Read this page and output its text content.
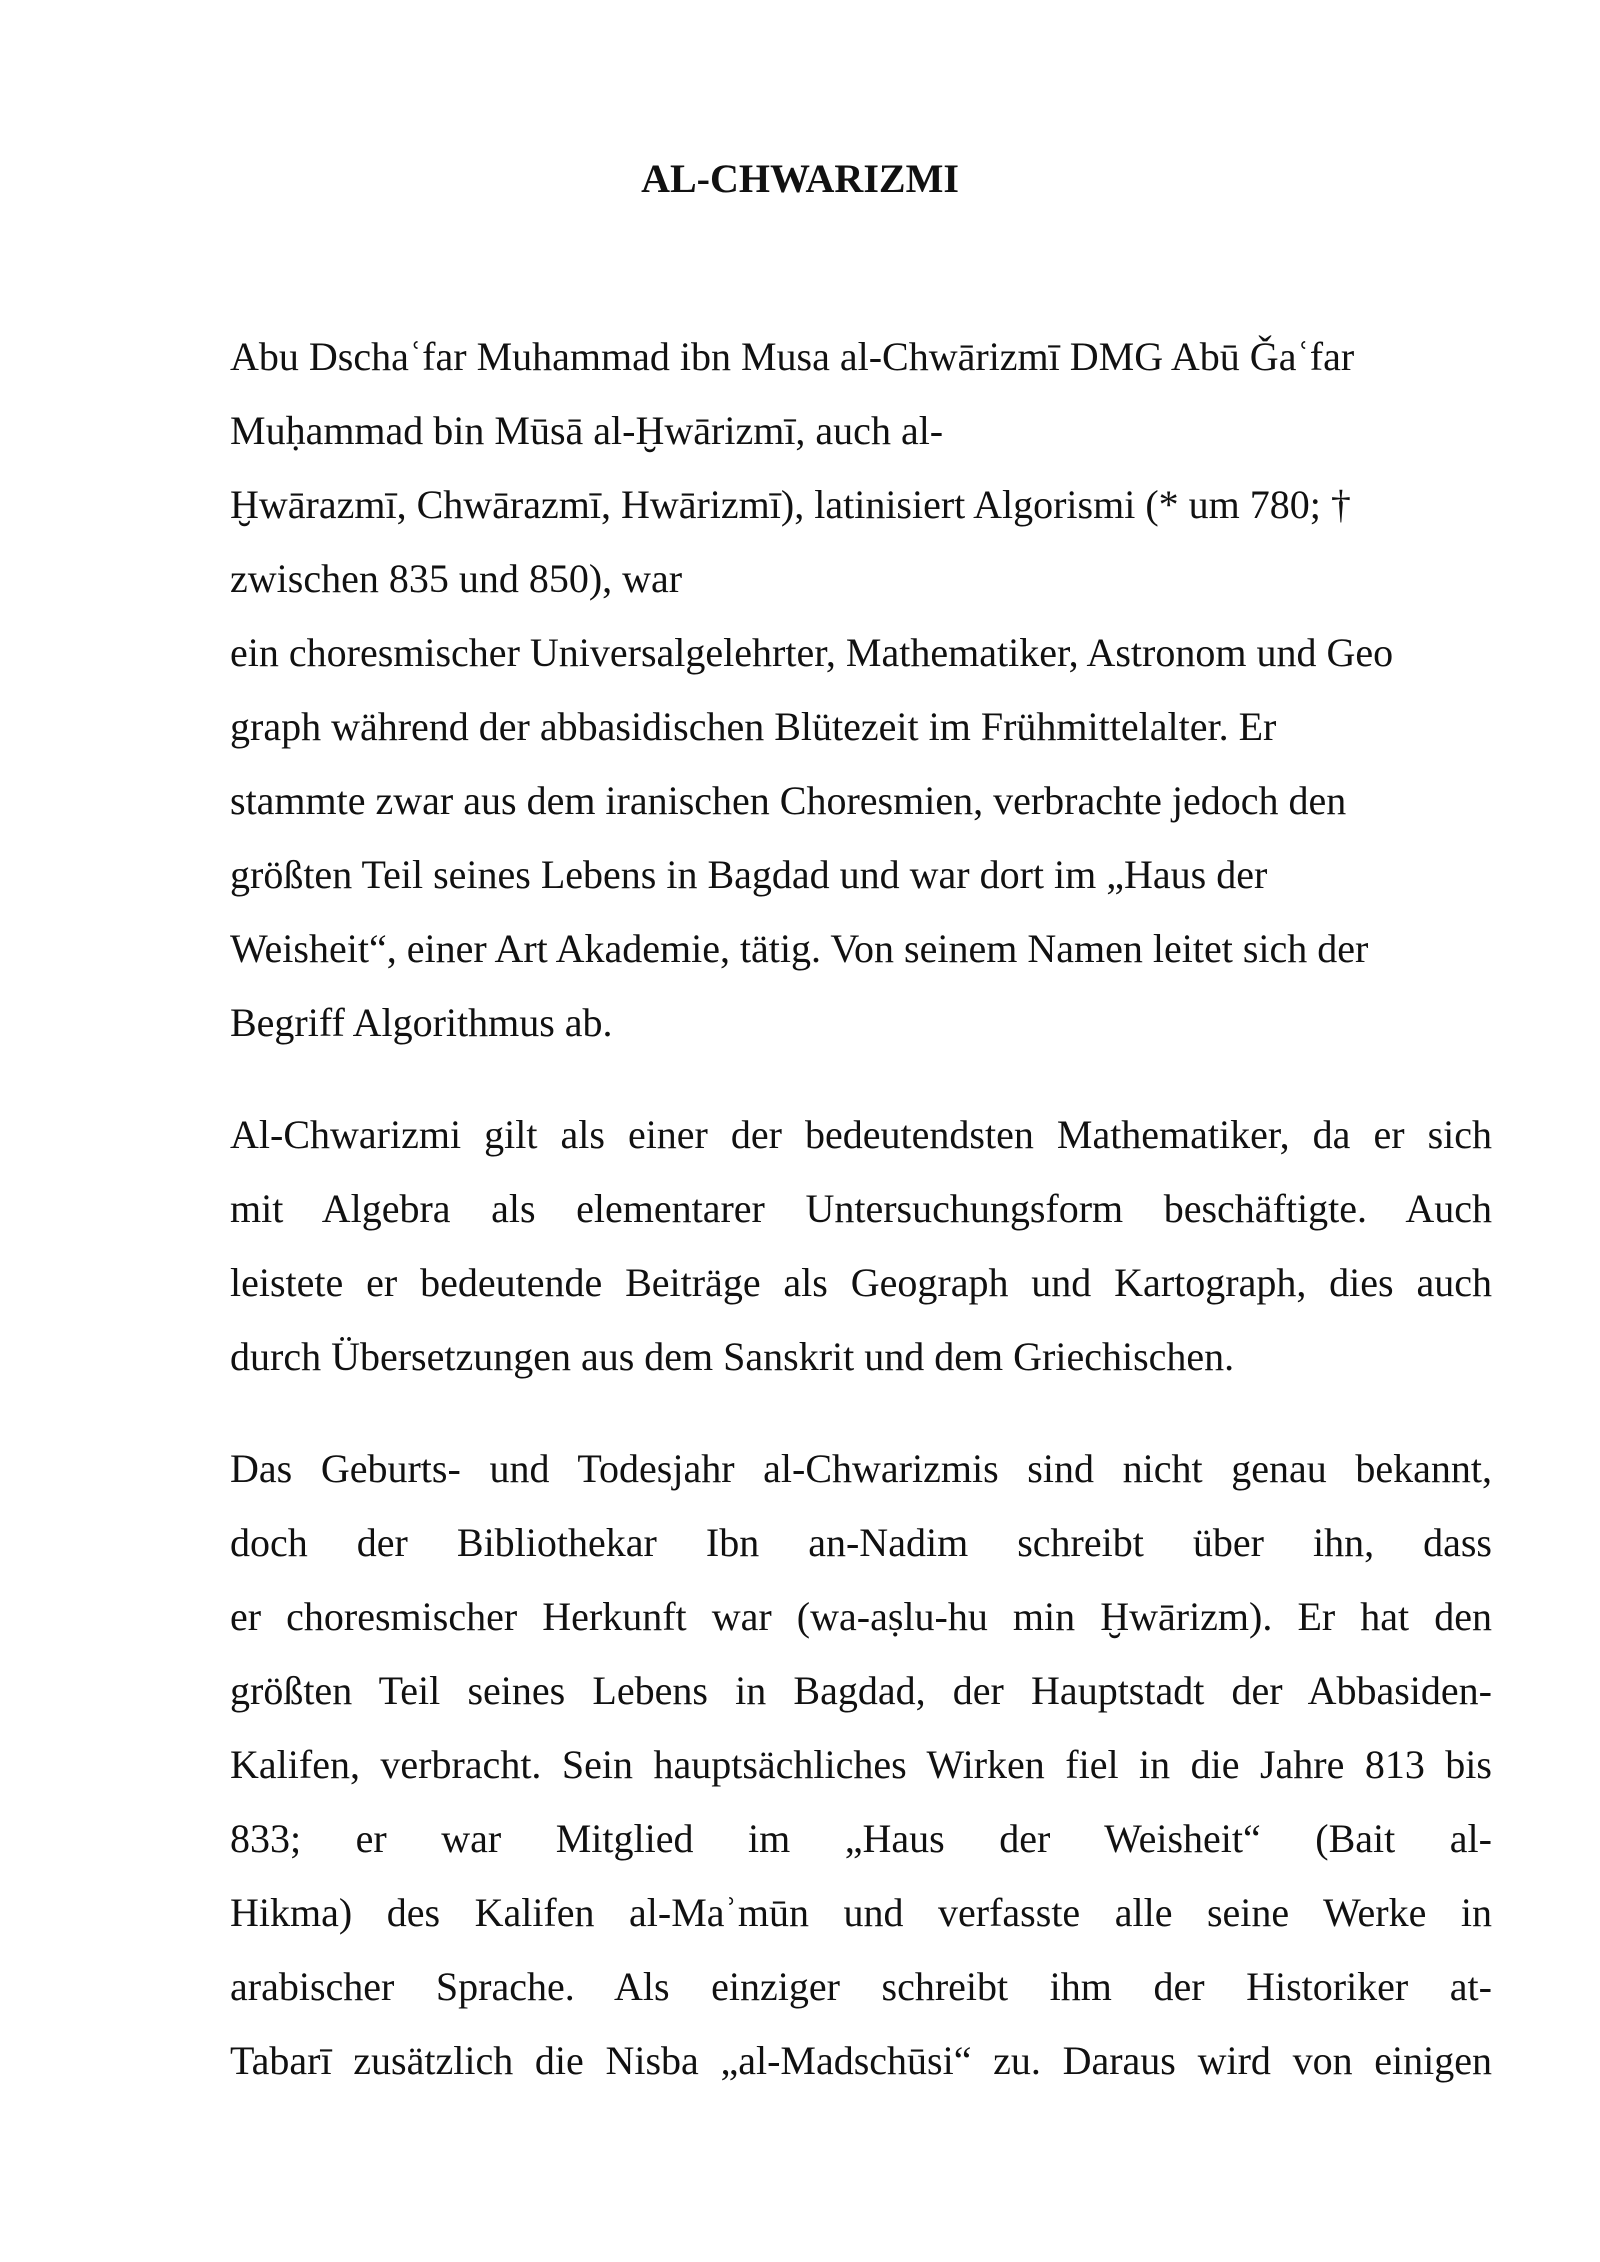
AL-CHWARIZMI
Abu Dschaʿfar Muhammad ibn Musa al-Chwārizmī DMG Abū Ǧaʿfar
Muḥammad bin Mūsā al-Ḫwārizmī, auch al-
Ḫwārazmī, Chwārazmī, Hwārizmī), latinisiert Algorismi (* um 780; †
zwischen 835 und 850), war
ein choresmischer Universalgelehrter, Mathematiker, Astronom und Geo
graph während der abbasidischen Blütezeit im Frühmittelalter. Er
stammte zwar aus dem iranischen Choresmien, verbrachte jedoch den
größten Teil seines Lebens in Bagdad und war dort im „Haus der
Weisheit“, einer Art Akademie, tätig. Von seinem Namen leitet sich der
Begriff Algorithmus ab.
Al-Chwarizmi gilt als einer der bedeutendsten Mathematiker, da er sich
mit Algebra als elementarer Untersuchungsform beschäftigte. Auch
leistete er bedeutende Beiträge als Geograph und Kartograph, dies auch
durch Übersetzungen aus dem Sanskrit und dem Griechischen.
Das Geburts- und Todesjahr al-Chwarizmis sind nicht genau bekannt,
doch der Bibliothekar Ibn an-Nadim schreibt über ihn, dass
er choresmischer Herkunft war (wa-aṣlu-hu min Ḫwārizm). Er hat den
größten Teil seines Lebens in Bagdad, der Hauptstadt der Abbasiden-
Kalifen, verbracht. Sein hauptsächliches Wirken fiel in die Jahre 813 bis
833; er war Mitglied im „Haus der Weisheit“ (Bait al-
Hikma) des Kalifen al-Maʾmūn und verfasste alle seine Werke in
arabischer Sprache. Als einziger schreibt ihm der Historiker at-
Tabarī zusätzlich die Nisba „al-Madschūsi“ zu. Daraus wird von einigen
